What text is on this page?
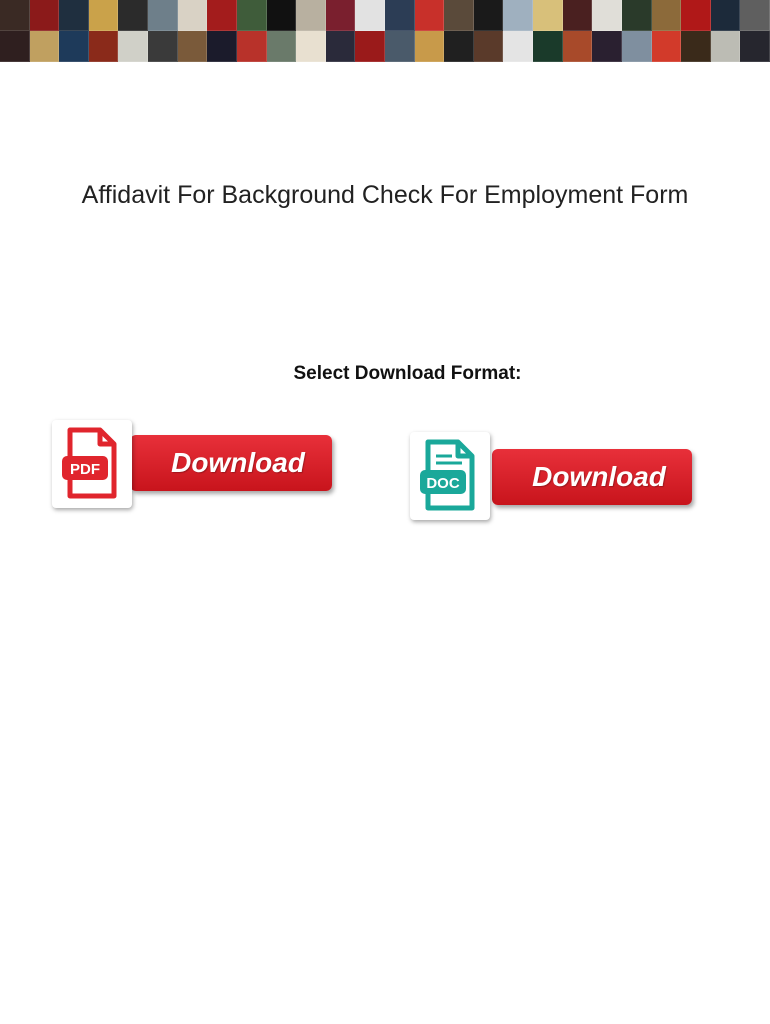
Affidavit For Background Check For Employment Form
Select Download Format:
Download
PDF	Download
DOC
